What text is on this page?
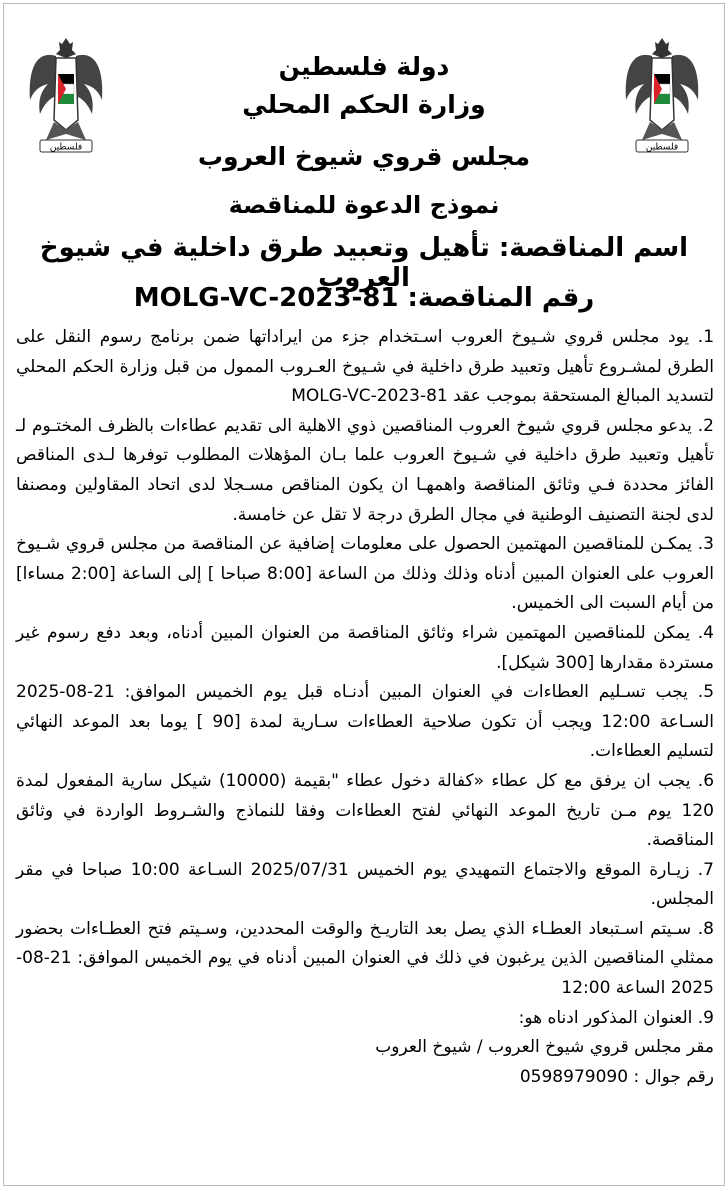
فلسطين	فلسطين
دولة فلسطين
وزارة الحكم المحلي
مجلس قروي شيوخ العروب
نموذج الدعوة للمناقصة
اسم المناقصة: تأهيل وتعبيد طرق داخلية في شيوخ العروب
رقم المناقصة: MOLG-VC-2023-81

1. يود مجلس قروي شـيوخ العروب اسـتخدام جزء من ايراداتها ضمن برنامج رسوم النقل على الطرق لمشـروع تأهيل وتعبيد طرق داخلية في شـيوخ العـروب الممول من قبل وزارة الحكم المحلي لتسديد المبالغ المستحقة بموجب عقد MOLG-VC-2023-81

2. يدعو مجلس قروي شيوخ العروب المناقصين ذوي الاهلية الى تقديم عطاءات بالظرف المختـوم لـ تأهيل وتعبيد طرق داخلية في شـيوخ العروب علما بـان المؤهلات المطلوب توفرها لـدى المناقص الفائز محددة فـي وثائق المناقصة واهمهـا ان يكون المناقص مسـجلا لدى اتحاد المقاولين ومصنفا لدى لجنة التصنيف الوطنية في مجال الطرق درجة لا تقل عن خامسة.

3. يمكـن للمناقصين المهتمين الحصول على معلومات إضافية عن المناقصة من مجلس قروي شـيوخ العروب على العنوان المبين أدناه وذلك وذلك من الساعة [8:00 صباحا ] إلى الساعة [2:00 مساءا] من أيام السبت الى الخميس.

4. يمكن للمناقصين المهتمين شراء وثائق المناقصة من العنوان المبين أدناه، وبعد دفع رسوم غير مستردة مقدارها [300 شيكل].

5. يجب تسـليم العطاءات في العنوان المبين أدنـاه قبل يوم الخميس الموافق: 21-08-2025 السـاعة 12:00 ويجب أن تكون صلاحية العطاءات سـارية لمدة [90 ] يوما بعد الموعد النهائي لتسليم العطاءات.

6. يجب ان يرفق مع كل عطاء «كفالة دخول عطاء "بقيمة (10000) شيكل سارية المفعول لمدة 120 يوم مـن تاريخ الموعد النهائي لفتح العطاءات وفقا للنماذج والشـروط الواردة في وثائق المناقصة.

7. زيـارة الموقع والاجتماع التمهيدي يوم الخميس 2025/07/31 السـاعة 10:00 صباحا في مقر المجلس.

8. سـيتم اسـتبعاد العطـاء الذي يصل بعد التاريـخ والوقت المحددين، وسـيتم فتح العطـاءات بحضور ممثلي المناقصين الذين يرغبون في ذلك في العنوان المبين أدناه في يوم الخميس الموافق: 21-08-2025 الساعة 12:00

9. العنوان المذكور ادناه هو:

مقر مجلس قروي شيوخ العروب / شيوخ العروب

رقم جوال : 0598979090
